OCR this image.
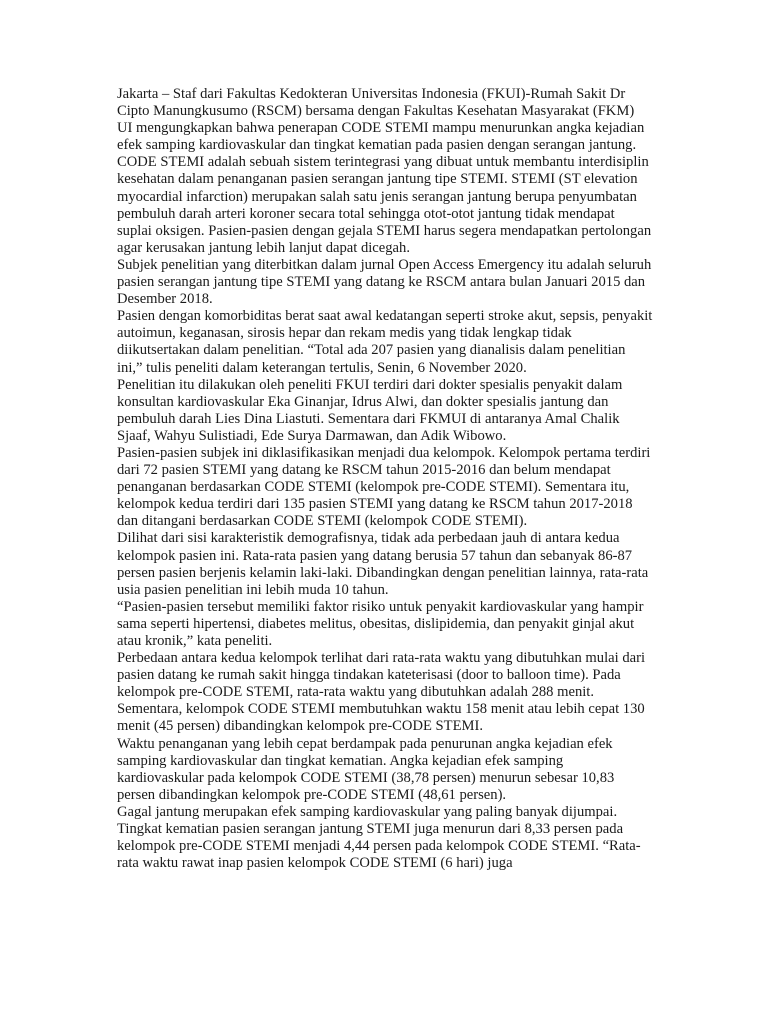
Jakarta – Staf dari Fakultas Kedokteran Universitas Indonesia (FKUI)-Rumah Sakit Dr Cipto Manungkusumo (RSCM) bersama dengan Fakultas Kesehatan Masyarakat (FKM) UI mengungkapkan bahwa penerapan CODE STEMI mampu menurunkan angka kejadian efek samping kardiovaskular dan tingkat kematian pada pasien dengan serangan jantung.

CODE STEMI adalah sebuah sistem terintegrasi yang dibuat untuk membantu interdisiplin kesehatan dalam penanganan pasien serangan jantung tipe STEMI. STEMI (ST elevation myocardial infarction) merupakan salah satu jenis serangan jantung berupa penyumbatan pembuluh darah arteri koroner secara total sehingga otot-otot jantung tidak mendapat suplai oksigen. Pasien-pasien dengan gejala STEMI harus segera mendapatkan pertolongan agar kerusakan jantung lebih lanjut dapat dicegah.

Subjek penelitian yang diterbitkan dalam jurnal Open Access Emergency itu adalah seluruh pasien serangan jantung tipe STEMI yang datang ke RSCM antara bulan Januari 2015 dan Desember 2018.

Pasien dengan komorbiditas berat saat awal kedatangan seperti stroke akut, sepsis, penyakit autoimun, keganasan, sirosis hepar dan rekam medis yang tidak lengkap tidak diikutsertakan dalam penelitian. “Total ada 207 pasien yang dianalisis dalam penelitian ini,” tulis peneliti dalam keterangan tertulis, Senin, 6 November 2020.

Penelitian itu dilakukan oleh peneliti FKUI terdiri dari dokter spesialis penyakit dalam konsultan kardiovaskular Eka Ginanjar, Idrus Alwi, dan dokter spesialis jantung dan pembuluh darah Lies Dina Liastuti. Sementara dari FKMUI di antaranya Amal Chalik Sjaaf, Wahyu Sulistiadi, Ede Surya Darmawan, dan Adik Wibowo.

Pasien-pasien subjek ini diklasifikasikan menjadi dua kelompok. Kelompok pertama terdiri dari 72 pasien STEMI yang datang ke RSCM tahun 2015-2016 dan belum mendapat penanganan berdasarkan CODE STEMI (kelompok pre-CODE STEMI). Sementara itu, kelompok kedua terdiri dari 135 pasien STEMI yang datang ke RSCM tahun 2017-2018 dan ditangani berdasarkan CODE STEMI (kelompok CODE STEMI).

Dilihat dari sisi karakteristik demografisnya, tidak ada perbedaan jauh di antara kedua kelompok pasien ini. Rata-rata pasien yang datang berusia 57 tahun dan sebanyak 86-87 persen pasien berjenis kelamin laki-laki. Dibandingkan dengan penelitian lainnya, rata-rata usia pasien penelitian ini lebih muda 10 tahun.

“Pasien-pasien tersebut memiliki faktor risiko untuk penyakit kardiovaskular yang hampir sama seperti hipertensi, diabetes melitus, obesitas, dislipidemia, dan penyakit ginjal akut atau kronik,” kata peneliti.

Perbedaan antara kedua kelompok terlihat dari rata-rata waktu yang dibutuhkan mulai dari pasien datang ke rumah sakit hingga tindakan kateterisasi (door to balloon time). Pada kelompok pre-CODE STEMI, rata-rata waktu yang dibutuhkan adalah 288 menit. Sementara, kelompok CODE STEMI membutuhkan waktu 158 menit atau lebih cepat 130 menit (45 persen) dibandingkan kelompok pre-CODE STEMI.

Waktu penanganan yang lebih cepat berdampak pada penurunan angka kejadian efek samping kardiovaskular dan tingkat kematian. Angka kejadian efek samping kardiovaskular pada kelompok CODE STEMI (38,78 persen) menurun sebesar 10,83 persen dibandingkan kelompok pre-CODE STEMI (48,61 persen).

Gagal jantung merupakan efek samping kardiovaskular yang paling banyak dijumpai. Tingkat kematian pasien serangan jantung STEMI juga menurun dari 8,33 persen pada kelompok pre-CODE STEMI menjadi 4,44 persen pada kelompok CODE STEMI. “Rata-rata waktu rawat inap pasien kelompok CODE STEMI (6 hari) juga
